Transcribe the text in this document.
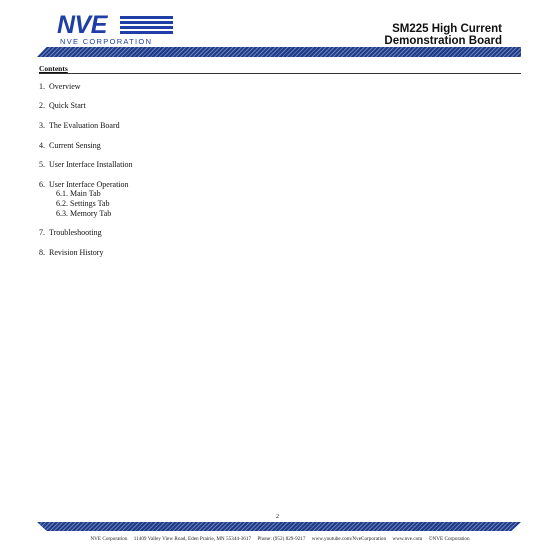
NVE
NVE CORPORATION
SM225 High Current
Demonstration Board
Contents
1. Overview
2. Quick Start
3. The Evaluation Board
4. Current Sensing
5. User Interface Installation
6. User Interface Operation
6.1. Main Tab
6.2. Settings Tab
6.3. Memory Tab
7. Troubleshooting
8. Revision History
2
NVE Corporation 11409 Valley View Road, Eden Prairie, MN 55344-3617 Phone: (952) 829-9217 www.youtube.com/NveCorporation www.nve.com ©NVE Corporation
